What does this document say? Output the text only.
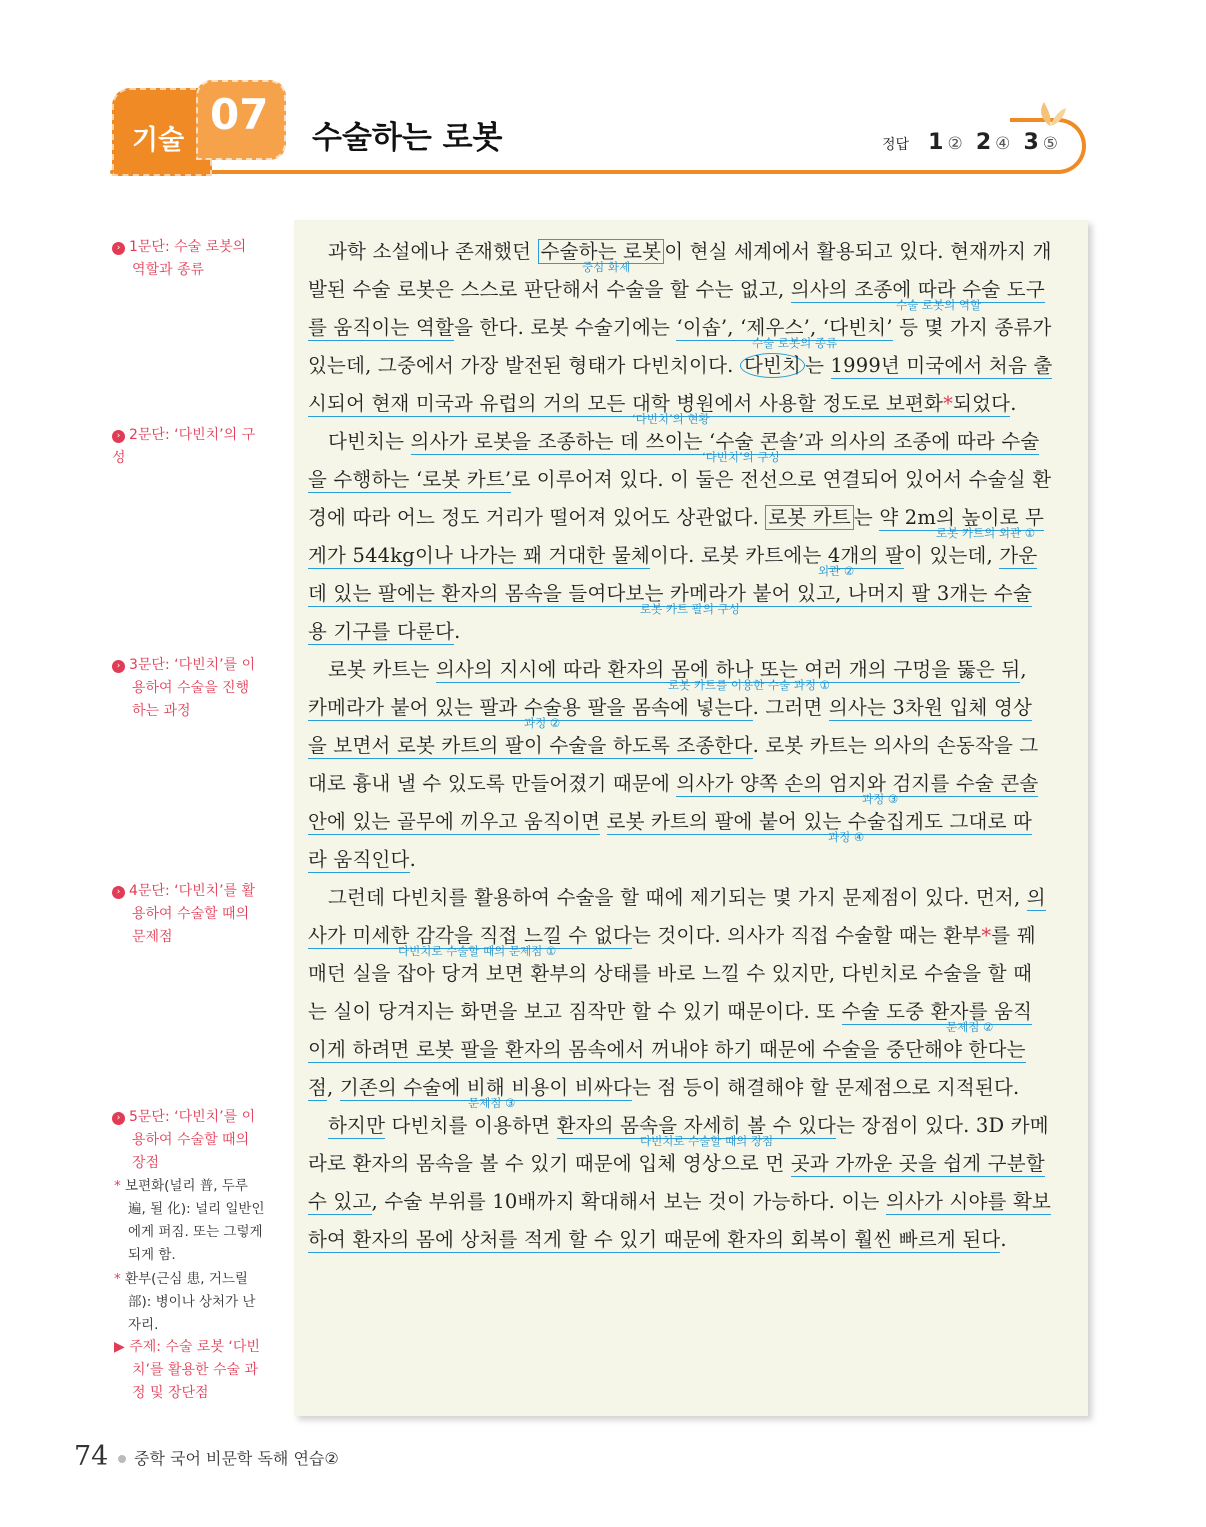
기술
07 수술하는 로봇	정답 1 ② 2 ④ 3 ⑤
› 1문단: 수술 로봇의
역할과 종류
› 2문단: ‘다빈치’의 구성
› 3문단: ‘다빈치’를 이
용하여 수술을 진행
하는 과정
› 4문단: ‘다빈치’를 활
용하여 수술할 때의
문제점
› 5문단: ‘다빈치’를 이
용하여 수술할 때의
장점
* 보편화(널리 普, 두루
遍, 될 化): 널리 일반인
에게 퍼짐. 또는 그렇게
되게 함.
* 환부(근심 患, 거느릴
部): 병이나 상처가 난
자리.
▶ 주제: 수술 로봇 ‘다빈
치’를 활용한 수술 과
정 및 장단점
과학 소설에나 존재했던 수술하는 로봇 이 현실 세계에서 활용되고 있다. 현재까지 개
중심 화제
발된 수술 로봇은 스스로 판단해서 수술을 할 수는 없고, 의사의 조종에 따라 수술 도구
수술 로봇의 역할
를 움직이는 역할을 한다. 로봇 수술기에는 ‘이솝’, ‘제우스’, ‘다빈치’ 등 몇 가지 종류가
수술 로봇의 종류
있는데, 그중에서 가장 발전된 형태가 다빈치이다. 다빈치 는 1999년 미국에서 처음 출
시되어 현재 미국과 유럽의 거의 모든 대학 병원에서 사용할 정도로 보편화*되었다.
‘다빈치’의 현황
다빈치는 의사가 로봇을 조종하는 데 쓰이는 ‘수술 콘솔’과 의사의 조종에 따라 수술
‘다빈치’의 구성
을 수행하는 ‘로봇 카트’로 이루어져 있다. 이 둘은 전선으로 연결되어 있어서 수술실 환
경에 따라 어느 정도 거리가 떨어져 있어도 상관없다. 로봇 카트 는 약 2m의 높이로 무
로봇 카트의 외관 ①
게가 544kg이나 나가는 꽤 거대한 물체이다. 로봇 카트에는 4개의 팔이 있는데, 가운
외관 ②
데 있는 팔에는 환자의 몸속을 들여다보는 카메라가 붙어 있고, 나머지 팔 3개는 수술
로봇 카트 팔의 구성
용 기구를 다룬다.
로봇 카트는 의사의 지시에 따라 환자의 몸에 하나 또는 여러 개의 구멍을 뚫은 뒤,
로봇 카트를 이용한 수술 과정 ①
카메라가 붙어 있는 팔과 수술용 팔을 몸속에 넣는다. 그러면 의사는 3차원 입체 영상
과정 ②
을 보면서 로봇 카트의 팔이 수술을 하도록 조종한다. 로봇 카트는 의사의 손동작을 그
대로 흉내 낼 수 있도록 만들어졌기 때문에 의사가 양쪽 손의 엄지와 검지를 수술 콘솔
과정 ③
안에 있는 골무에 끼우고 움직이면 로봇 카트의 팔에 붙어 있는 수술집게도 그대로 따
과정 ④
라 움직인다.
그런데 다빈치를 활용하여 수술을 할 때에 제기되는 몇 가지 문제점이 있다. 먼저, 의
사가 미세한 감각을 직접 느낄 수 없다는 것이다. 의사가 직접 수술할 때는 환부*를 꿰
다빈치로 수술할 때의 문제점 ①
매던 실을 잡아 당겨 보면 환부의 상태를 바로 느낄 수 있지만, 다빈치로 수술을 할 때
는 실이 당겨지는 화면을 보고 짐작만 할 수 있기 때문이다. 또 수술 도중 환자를 움직
문제점 ②
이게 하려면 로봇 팔을 환자의 몸속에서 꺼내야 하기 때문에 수술을 중단해야 한다는
점, 기존의 수술에 비해 비용이 비싸다는 점 등이 해결해야 할 문제점으로 지적된다.
문제점 ③
하지만 다빈치를 이용하면 환자의 몸속을 자세히 볼 수 있다는 장점이 있다. 3D 카메
다빈치로 수술할 때의 장점
라로 환자의 몸속을 볼 수 있기 때문에 입체 영상으로 먼 곳과 가까운 곳을 쉽게 구분할
수 있고, 수술 부위를 10배까지 확대해서 보는 것이 가능하다. 이는 의사가 시야를 확보
하여 환자의 몸에 상처를 적게 할 수 있기 때문에 환자의 회복이 훨씬 빠르게 된다.
74 중학 국어 비문학 독해 연습②
